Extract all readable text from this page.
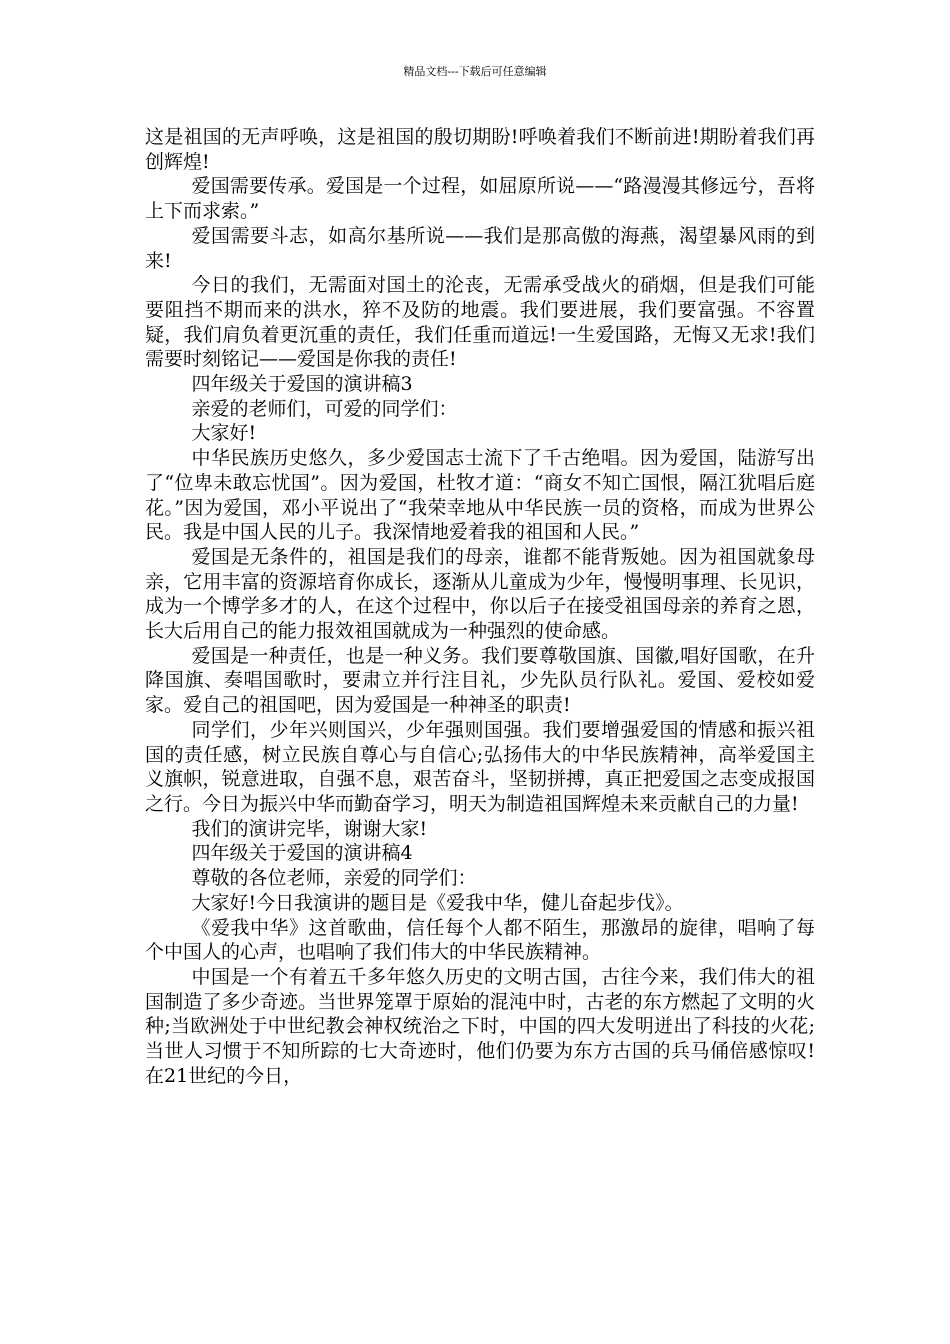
精品文档---下载后可任意编辑

这是祖国的无声呼唤，这是祖国的殷切期盼!呼唤着我们不断前进!期盼着我们再创辉煌!

爱国需要传承。爱国是一个过程，如屈原所说——“路漫漫其修远兮，吾将上下而求索。”

爱国需要斗志，如高尔基所说——我们是那高傲的海燕，渴望暴风雨的到来!

今日的我们，无需面对国土的沦丧，无需承受战火的硝烟，但是我们可能要阻挡不期而来的洪水，猝不及防的地震。我们要进展，我们要富强。不容置疑，我们肩负着更沉重的责任，我们任重而道远!一生爱国路，无悔又无求!我们需要时刻铭记——爱国是你我的责任!

四年级关于爱国的演讲稿3

亲爱的老师们，可爱的同学们：

大家好!

中华民族历史悠久，多少爱国志士流下了千古绝唱。因为爱国，陆游写出了“位卑未敢忘忧国”。因为爱国，杜牧才道：“商女不知亡国恨，隔江犹唱后庭花。”因为爱国，邓小平说出了“我荣幸地从中华民族一员的资格，而成为世界公民。我是中国人民的儿子。我深情地爱着我的祖国和人民。”

爱国是无条件的，祖国是我们的母亲，谁都不能背叛她。因为祖国就象母亲，它用丰富的资源培育你成长，逐渐从儿童成为少年，慢慢明事理、长见识，成为一个博学多才的人，在这个过程中，你以后子在接受祖国母亲的养育之恩，长大后用自己的能力报效祖国就成为一种强烈的使命感。

爱国是一种责任，也是一种义务。我们要尊敬国旗、国徽,唱好国歌，在升降国旗、奏唱国歌时，要肃立并行注目礼，少先队员行队礼。爱国、爱校如爱家。爱自己的祖国吧，因为爱国是一种神圣的职责!

同学们，少年兴则国兴，少年强则国强。我们要增强爱国的情感和振兴祖国的责任感，树立民族自尊心与自信心;弘扬伟大的中华民族精神，高举爱国主义旗帜，锐意进取，自强不息，艰苦奋斗，坚韧拼搏，真正把爱国之志变成报国之行。今日为振兴中华而勤奋学习，明天为制造祖国辉煌未来贡献自己的力量!

我们的演讲完毕，谢谢大家!

四年级关于爱国的演讲稿4

尊敬的各位老师，亲爱的同学们：

大家好!今日我演讲的题目是《爱我中华，健儿奋起步伐》。

《爱我中华》这首歌曲，信任每个人都不陌生，那激昂的旋律，唱响了每个中国人的心声，也唱响了我们伟大的中华民族精神。

中国是一个有着五千多年悠久历史的文明古国，古往今来，我们伟大的祖国制造了多少奇迹。当世界笼罩于原始的混沌中时，古老的东方燃起了文明的火种;当欧洲处于中世纪教会神权统治之下时，中国的四大发明迸出了科技的火花;当世人习惯于不知所踪的七大奇迹时，他们仍要为东方古国的兵马俑倍感惊叹!在21世纪的今日，
